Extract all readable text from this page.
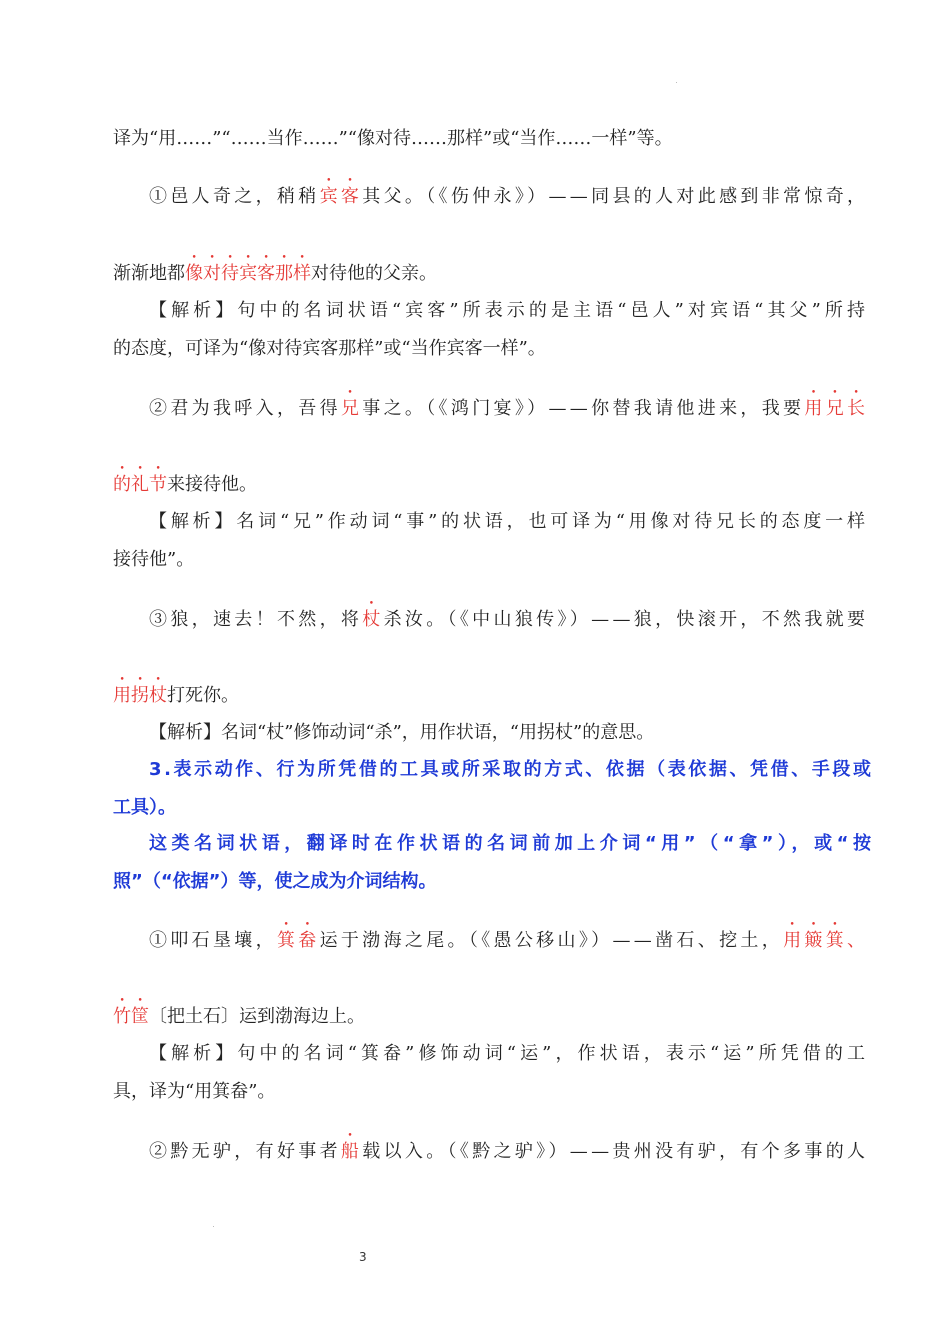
译为“用……”“……当作……”“像对待……那样”或“当作……一样”等。
①邑人奇之，稍稍宾客其父。（《伤仲永》）——同县的人对此感到非常惊奇，
渐渐地都像对待宾客那样对待他的父亲。
【解析】句中的名词状语“宾客”所表示的是主语“邑人”对宾语“其父”所持
的态度，可译为“像对待宾客那样”或“当作宾客一样”。
②君为我呼入，吾得兄事之。（《鸿门宴》）——你替我请他进来，我要用兄长
的礼节来接待他。
【解析】名词“兄”作动词“事”的状语，也可译为“用像对待兄长的态度一样
接待他”。
③狼，速去！不然，将杖杀汝。（《中山狼传》）——狼，快滚开，不然我就要
用拐杖打死你。
【解析】名词“杖”修饰动词“杀”，用作状语，“用拐杖”的意思。
3.表示动作、行为所凭借的工具或所采取的方式、依据（表依据、凭借、手段或
工具）。
这类名词状语，翻译时在作状语的名词前加上介词“用”（“拿”），或“按
照”（“依据”）等，使之成为介词结构。
①叩石垦壤，箕畚运于渤海之尾。（《愚公移山》）——凿石、挖土，用簸箕、
竹筐〔把土石〕运到渤海边上。
【解析】句中的名词“箕畚”修饰动词“运”，作状语，表示“运”所凭借的工
具，译为“用箕畚”。
②黔无驴，有好事者船载以入。（《黔之驴》）——贵州没有驴，有个多事的人
3
